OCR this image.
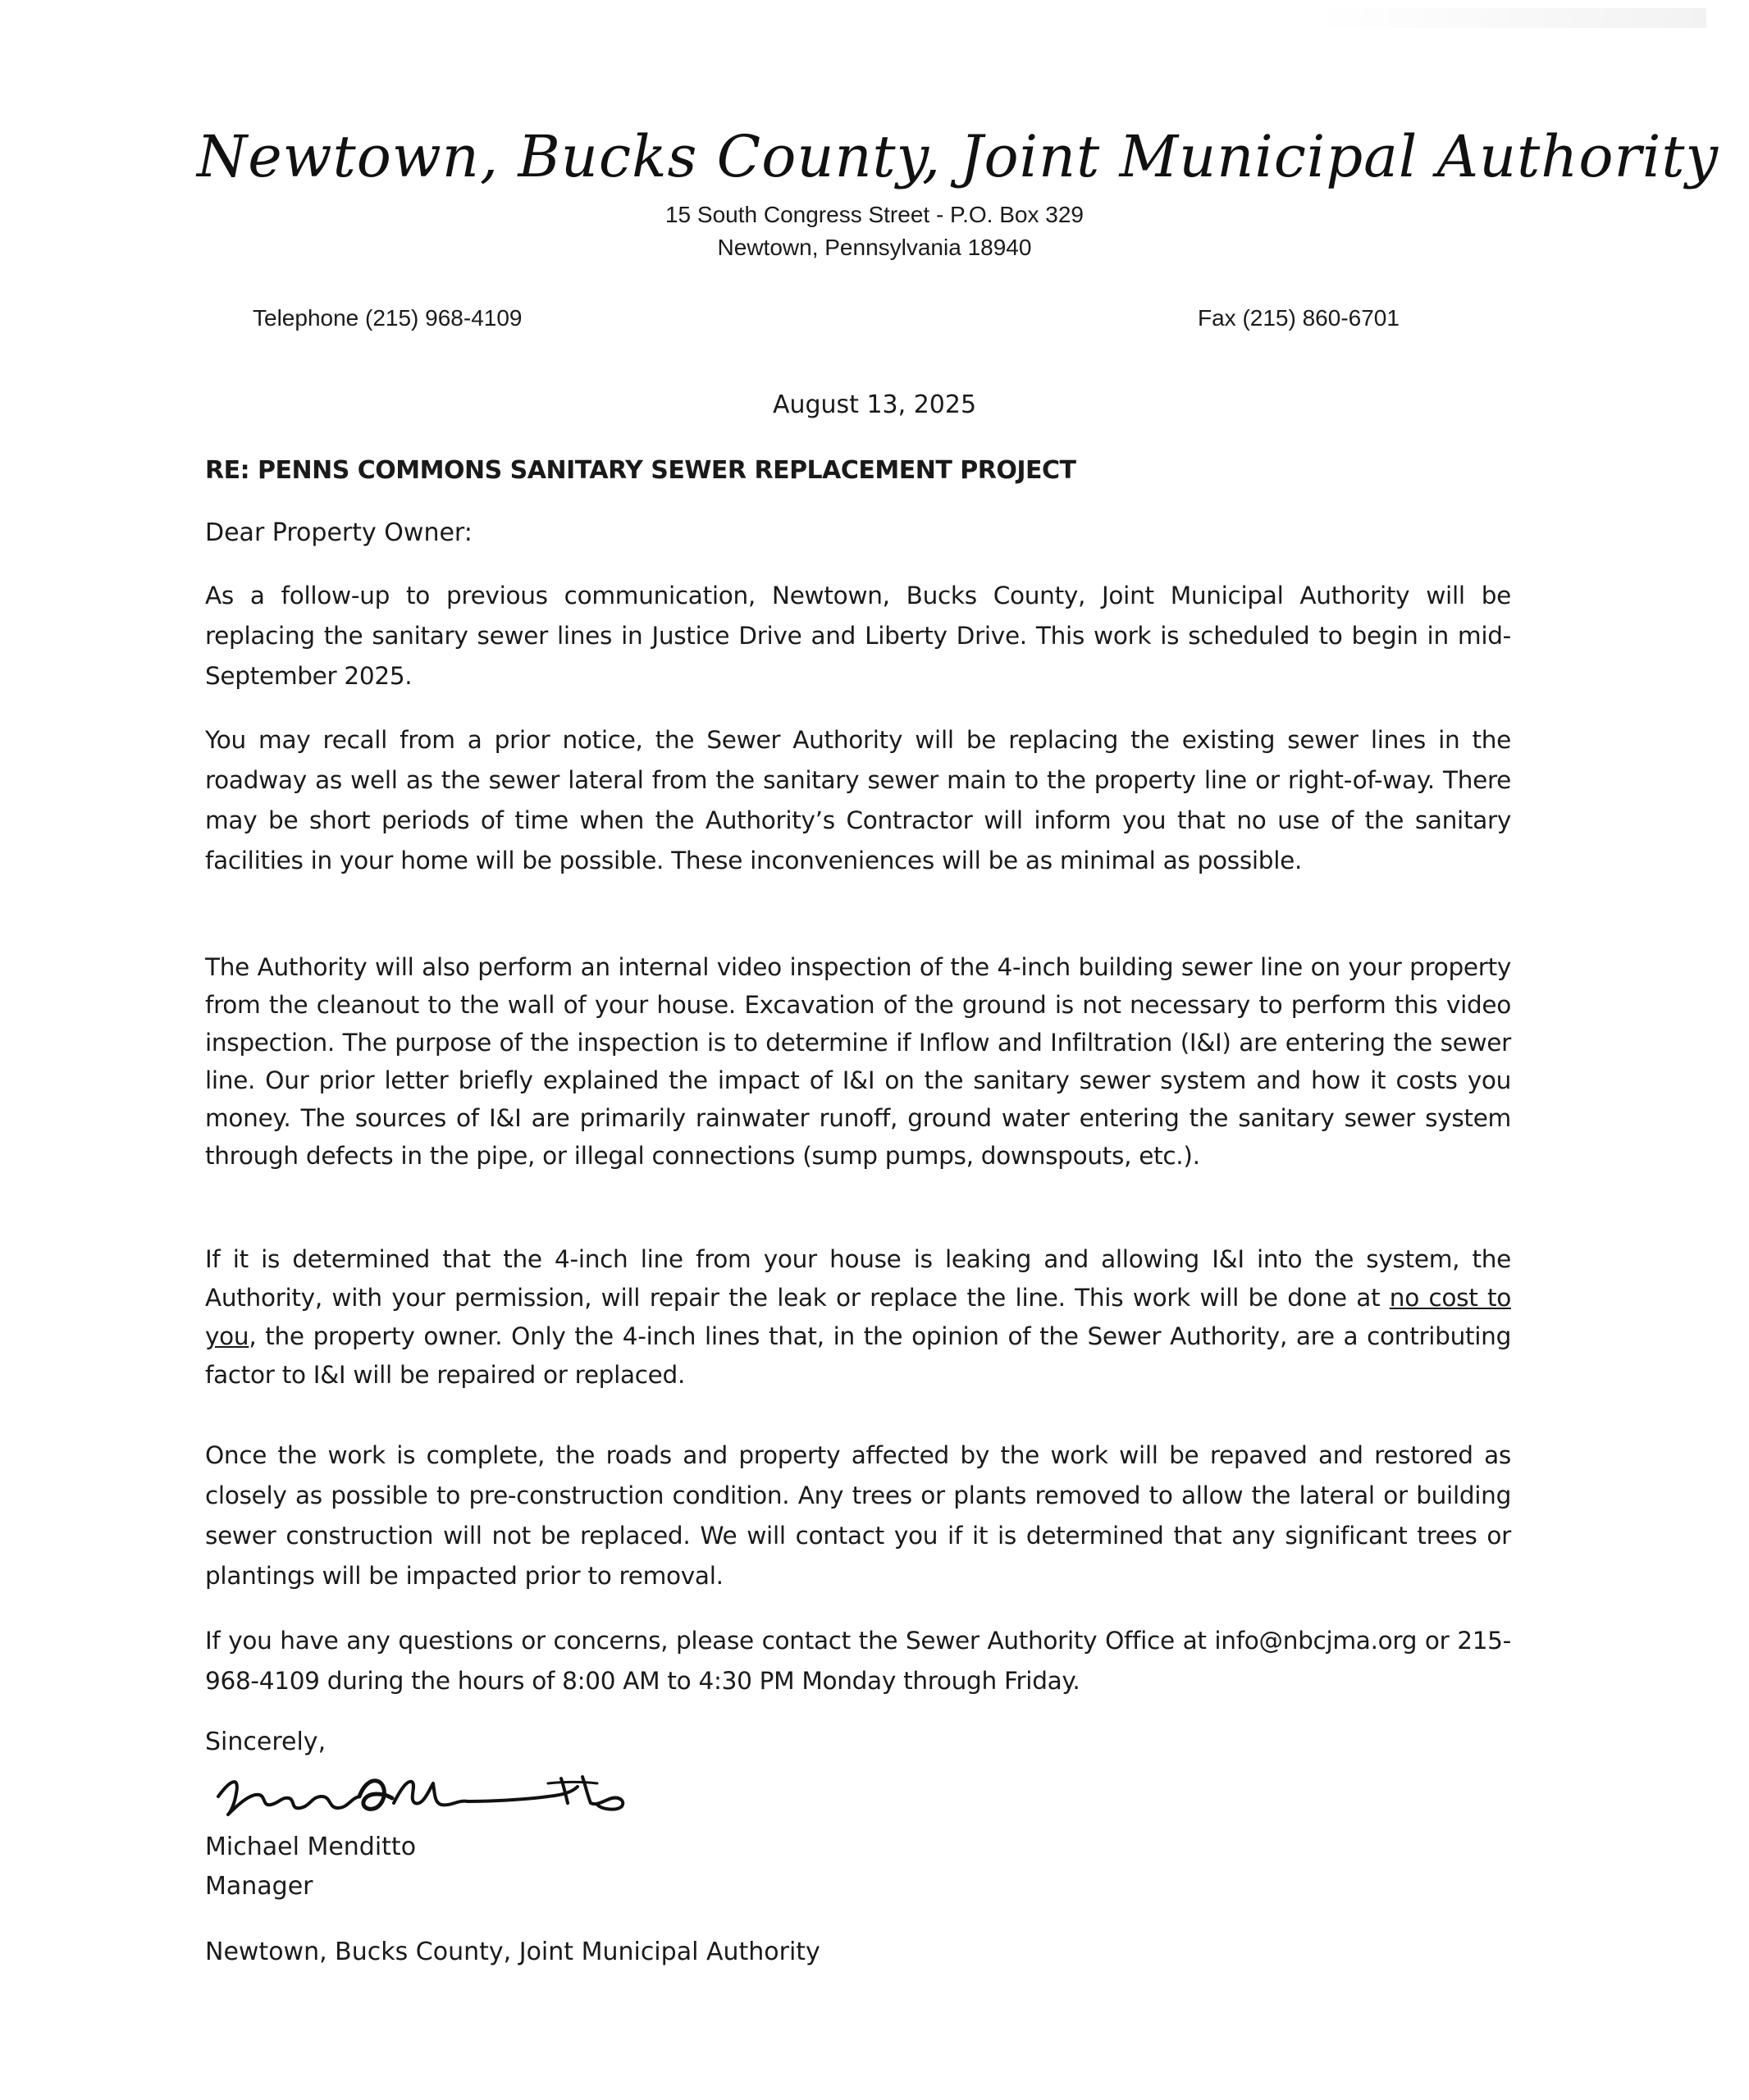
Newtown, Bucks County, Joint Municipal Authority
15 South Congress Street - P.O. Box 329
Newtown, Pennsylvania 18940
Telephone (215) 968-4109	Fax (215) 860-6701
August 13, 2025
RE: PENNS COMMONS SANITARY SEWER REPLACEMENT PROJECT
Dear Property Owner:
As a follow-up to previous communication, Newtown, Bucks County, Joint Municipal Authority will be replacing the sanitary sewer lines in Justice Drive and Liberty Drive. This work is scheduled to begin in mid-September 2025.
You may recall from a prior notice, the Sewer Authority will be replacing the existing sewer lines in the roadway as well as the sewer lateral from the sanitary sewer main to the property line or right-of-way. There may be short periods of time when the Authority’s Contractor will inform you that no use of the sanitary facilities in your home will be possible. These inconveniences will be as minimal as possible.
The Authority will also perform an internal video inspection of the 4-inch building sewer line on your property from the cleanout to the wall of your house. Excavation of the ground is not necessary to perform this video inspection. The purpose of the inspection is to determine if Inflow and Infiltration (I&I) are entering the sewer line. Our prior letter briefly explained the impact of I&I on the sanitary sewer system and how it costs you money. The sources of I&I are primarily rainwater runoff, ground water entering the sanitary sewer system through defects in the pipe, or illegal connections (sump pumps, downspouts, etc.).
If it is determined that the 4-inch line from your house is leaking and allowing I&I into the system, the Authority, with your permission, will repair the leak or replace the line. This work will be done at no cost to you, the property owner. Only the 4-inch lines that, in the opinion of the Sewer Authority, are a contributing factor to I&I will be repaired or replaced.
Once the work is complete, the roads and property affected by the work will be repaved and restored as closely as possible to pre-construction condition. Any trees or plants removed to allow the lateral or building sewer construction will not be replaced. We will contact you if it is determined that any significant trees or plantings will be impacted prior to removal.
If you have any questions or concerns, please contact the Sewer Authority Office at info@nbcjma.org or 215-968-4109 during the hours of 8:00 AM to 4:30 PM Monday through Friday.
Sincerely,
Michael Menditto
Manager
Newtown, Bucks County, Joint Municipal Authority
